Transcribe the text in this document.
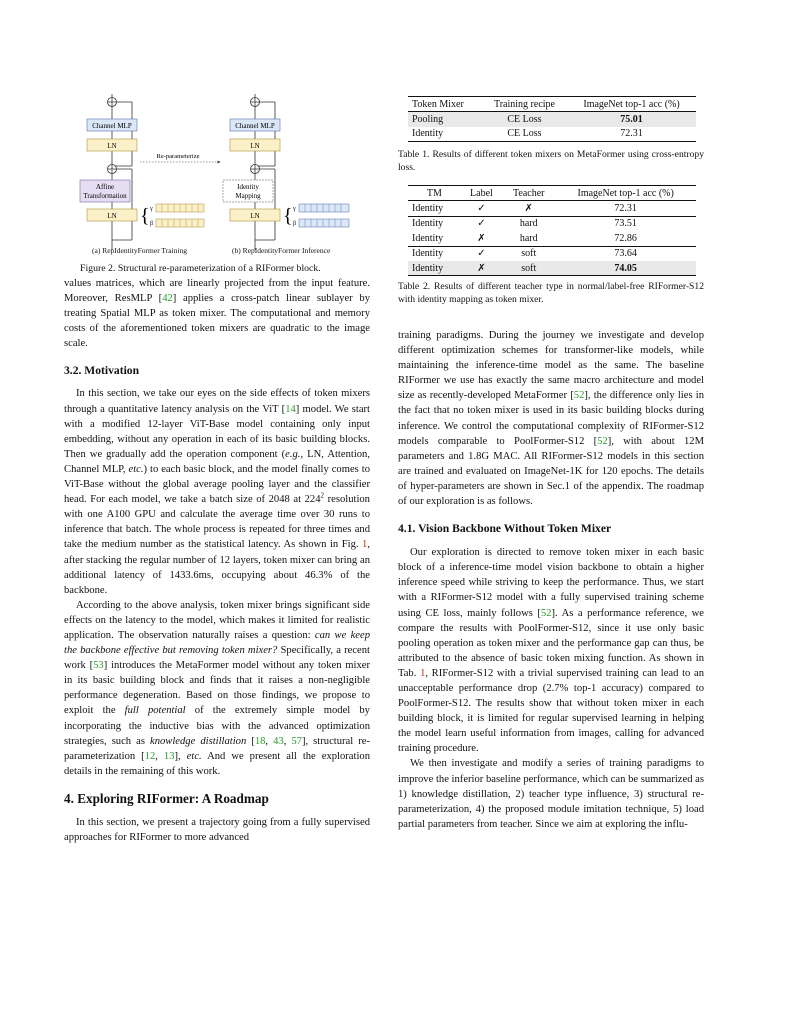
Channel MLP
LN
Affine
Transformation
LN { γ
β
Re-parameterize
Channel MLP
LN
Identity
Mapping
LN { γ
β
(a) RepIdentityFormer Training	(b) RepIdentityFormer Inference
Figure 2. Structural re-parameterization of a RIFormer block.

values matrices, which are linearly projected from the input feature. Moreover, ResMLP [42] applies a cross-patch linear sublayer by treating Spatial MLP as token mixer. The computational and memory costs of the aforementioned token mixers are quadratic to the image scale.

3.2. Motivation

In this section, we take our eyes on the side effects of token mixers through a quantitative latency analysis on the ViT [14] model. We start with a modified 12-layer ViT-Base model containing only input embedding, without any operation in each of its basic building blocks. Then we gradually add the operation component (e.g., LN, Attention, Channel MLP, etc.) to each basic block, and the model finally comes to ViT-Base without the global average pooling layer and the classifier head. For each model, we take a batch size of 2048 at $224^2$ resolution with one A100 GPU and calculate the average time over 30 runs to inference that batch. The whole process is repeated for three times and take the medium number as the statistical latency. As shown in Fig. 1, after stacking the regular number of 12 layers, token mixer can bring an additional latency of 1433.6ms, occupying about 46.3% of the backbone.

According to the above analysis, token mixer brings significant side effects on the latency to the model, which makes it limited for realistic application. The observation naturally raises a question: can we keep the backbone effective but removing token mixer? Specifically, a recent work [53] introduces the MetaFormer model without any token mixer in its basic building block and finds that it raises a non-negligible performance degeneration. Based on those findings, we propose to exploit the full potential of the extremely simple model by incorporating the inductive bias with the advanced optimization strategies, such as knowledge distillation [18, 43, 57], structural re-parameterization [12, 13], etc. And we present all the exploration details in the remaining of this work.

4. Exploring RIFormer: A Roadmap

In this section, we present a trajectory going from a fully supervised approaches for RIFormer to more advanced

Token Mixer	Training recipe	ImageNet top-1 acc (%)
Pooling	CE Loss	75.01
Identity	CE Loss	72.31
Table 1. Results of different token mixers on MetaFormer using cross-entropy loss.
TM	Label	Teacher	ImageNet top-1 acc (%)
Identity	✓	✗	72.31
Identity	✓	hard	73.51
Identity	✗	hard	72.86
Identity	✓	soft	73.64
Identity	✗	soft	74.05
Table 2. Results of different teacher type in normal/label-free RIFormer-S12 with identity mapping as token mixer.

training paradigms. During the journey we investigate and develop different optimization schemes for transformer-like models, while maintaining the inference-time model as the same. The baseline RIFormer we use has exactly the same macro architecture and model size as recently-developed MetaFormer [52], the difference only lies in the fact that no token mixer is used in its basic building blocks during inference. We control the computational complexity of RIFormer-S12 models comparable to PoolFormer-S12 [52], with about 12M parameters and 1.8G MAC. All RIFormer-S12 models in this section are trained and evaluated on ImageNet-1K for 120 epochs. The details of hyper-parameters are shown in Sec.1 of the appendix. The roadmap of our exploration is as follows.

4.1. Vision Backbone Without Token Mixer

Our exploration is directed to remove token mixer in each basic block of a inference-time model vision backbone to obtain a higher inference speed while striving to keep the performance. Thus, we start with a RIFormer-S12 model with a fully supervised training scheme using CE loss, mainly follows [52]. As a performance reference, we compare the results with PoolFormer-S12, since it use only basic pooling operation as token mixer and the performance gap can thus, be attributed to the absence of basic token mixing function. As shown in Tab. 1, RIFormer-S12 with a trivial supervised training can lead to an unacceptable performance drop (2.7% top-1 accuracy) compared to PoolFormer-S12. The results show that without token mixer in each building block, it is limited for regular supervised learning in helping the model learn useful information from images, calling for advanced training procedure.

We then investigate and modify a series of training paradigms to improve the inferior baseline performance, which can be summarized as 1) knowledge distillation, 2) teacher type influence, 3) structural re-parameterization, 4) the proposed module imitation technique, 5) load partial parameters from teacher. Since we aim at exploring the influ-
